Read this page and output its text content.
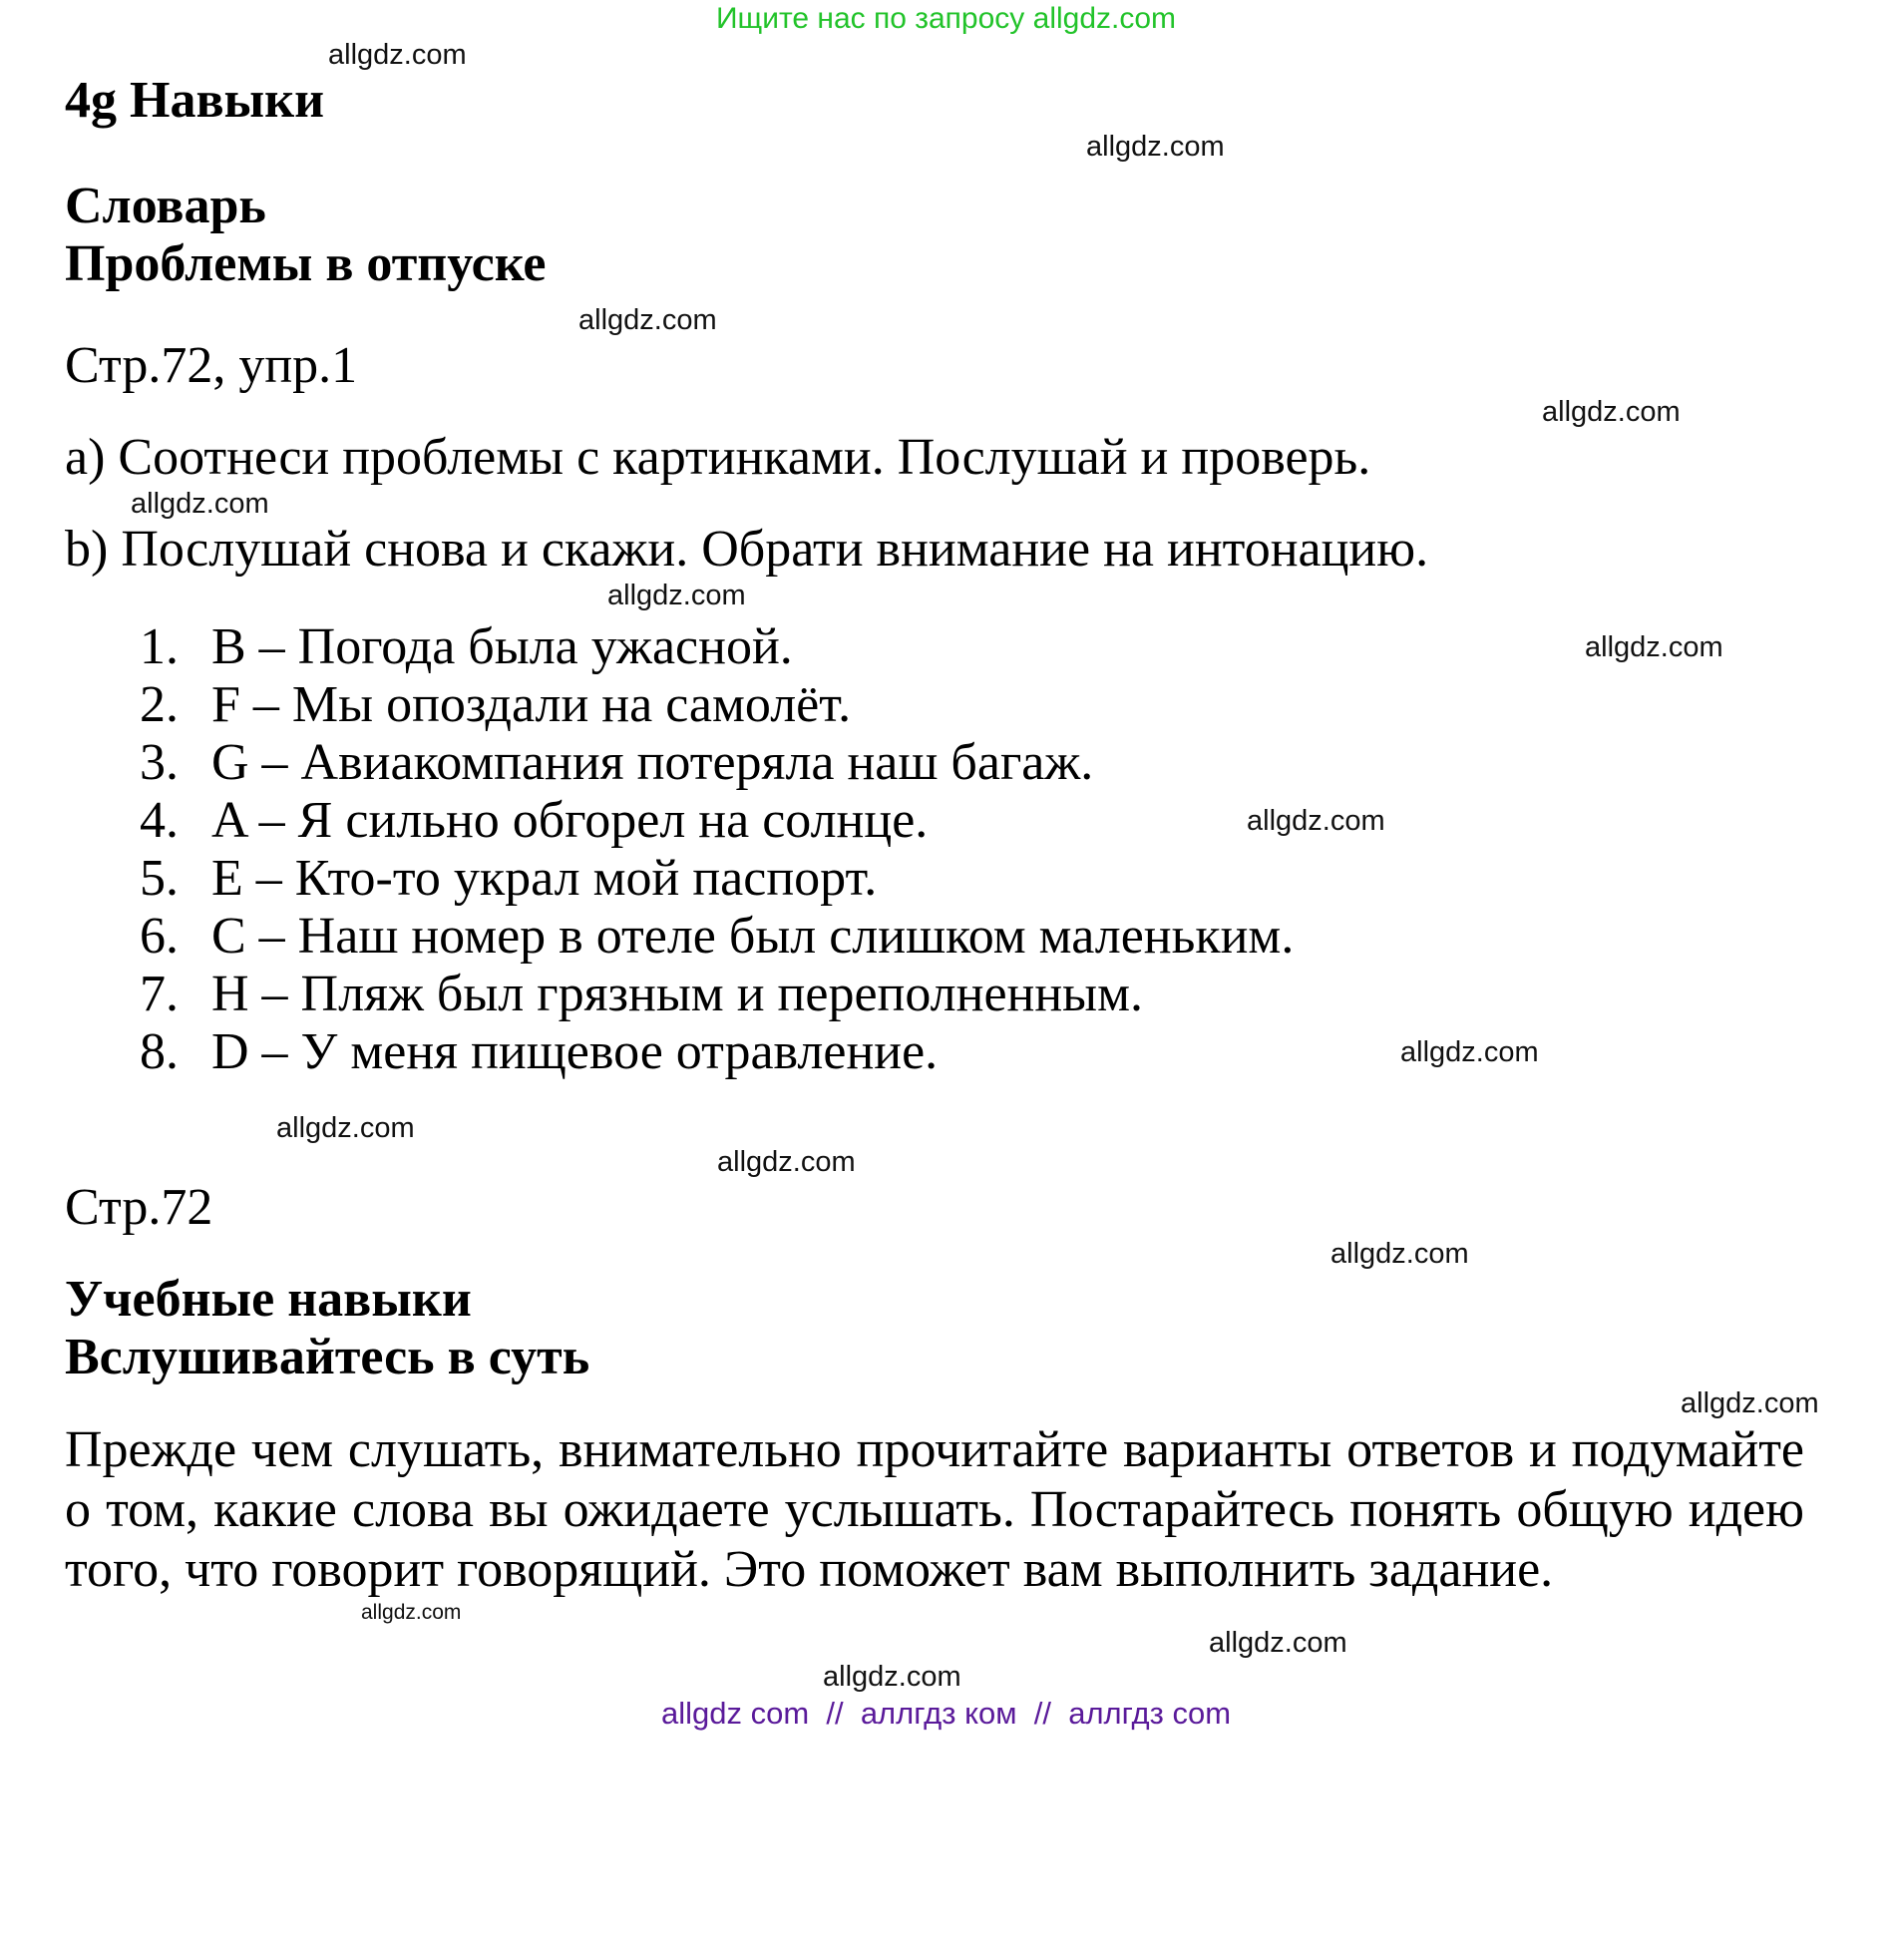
Ищите нас по запросу allgdz.com
allgdz.com
4g Навыки
allgdz.com
Словарь
Проблемы в отпуске
allgdz.com
Стр.72, упр.1
allgdz.com
a) Соотнеси проблемы с картинками. Послушай и проверь.
allgdz.com
b) Послушай снова и скажи. Обрати внимание на интонацию.
allgdz.com
1. B – Погода была ужасной.	allgdz.com
2. F – Мы опоздали на самолёт.
3. G – Авиакомпания потеряла наш багаж.
4. A – Я сильно обгорел на солнце.	allgdz.com
5. E – Кто-то украл мой паспорт.
6. C – Наш номер в отеле был слишком маленьким.
7. H – Пляж был грязным и переполненным.
8. D – У меня пищевое отравление.	allgdz.com
allgdz.com
allgdz.com
Стр.72
allgdz.com
Учебные навыки
Вслушивайтесь в суть
allgdz.com
Прежде чем слушать, внимательно прочитайте варианты ответов и подумайте о том, какие слова вы ожидаете услышать. Постарайтесь понять общую идею того, что говорит говорящий. Это поможет вам выполнить задание.
allgdz.com
allgdz.com
allgdz.com
allgdz com  //  аллгдз ком  //  аллгдз com
